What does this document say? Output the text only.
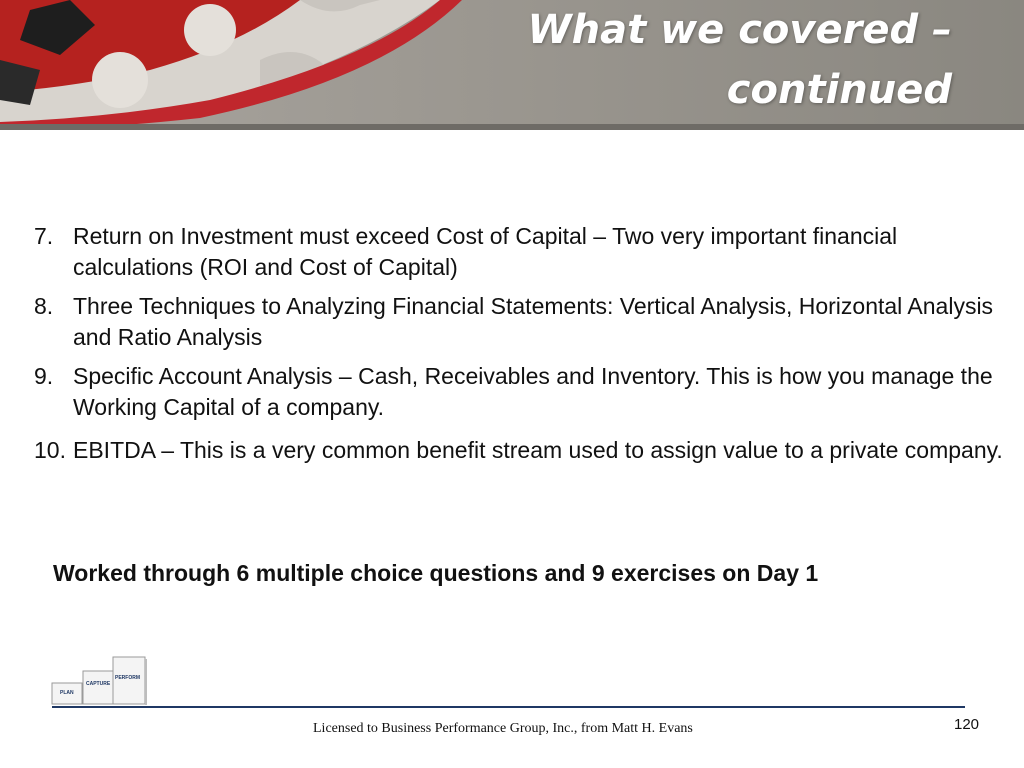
What we covered –
continued
7. Return on Investment must exceed Cost of Capital – Two very important financial calculations (ROI and Cost of Capital)
8. Three Techniques to Analyzing Financial Statements: Vertical Analysis, Horizontal Analysis and Ratio Analysis
9. Specific Account Analysis – Cash, Receivables and Inventory. This is how you manage the Working Capital of a company.
10. EBITDA – This is a very common benefit stream used to assign value to a private company.
Worked through 6 multiple choice questions and 9 exercises on Day 1
PLAN
CAPTURE
PERFORM
Licensed to Business Performance Group, Inc., from Matt H. Evans	120
